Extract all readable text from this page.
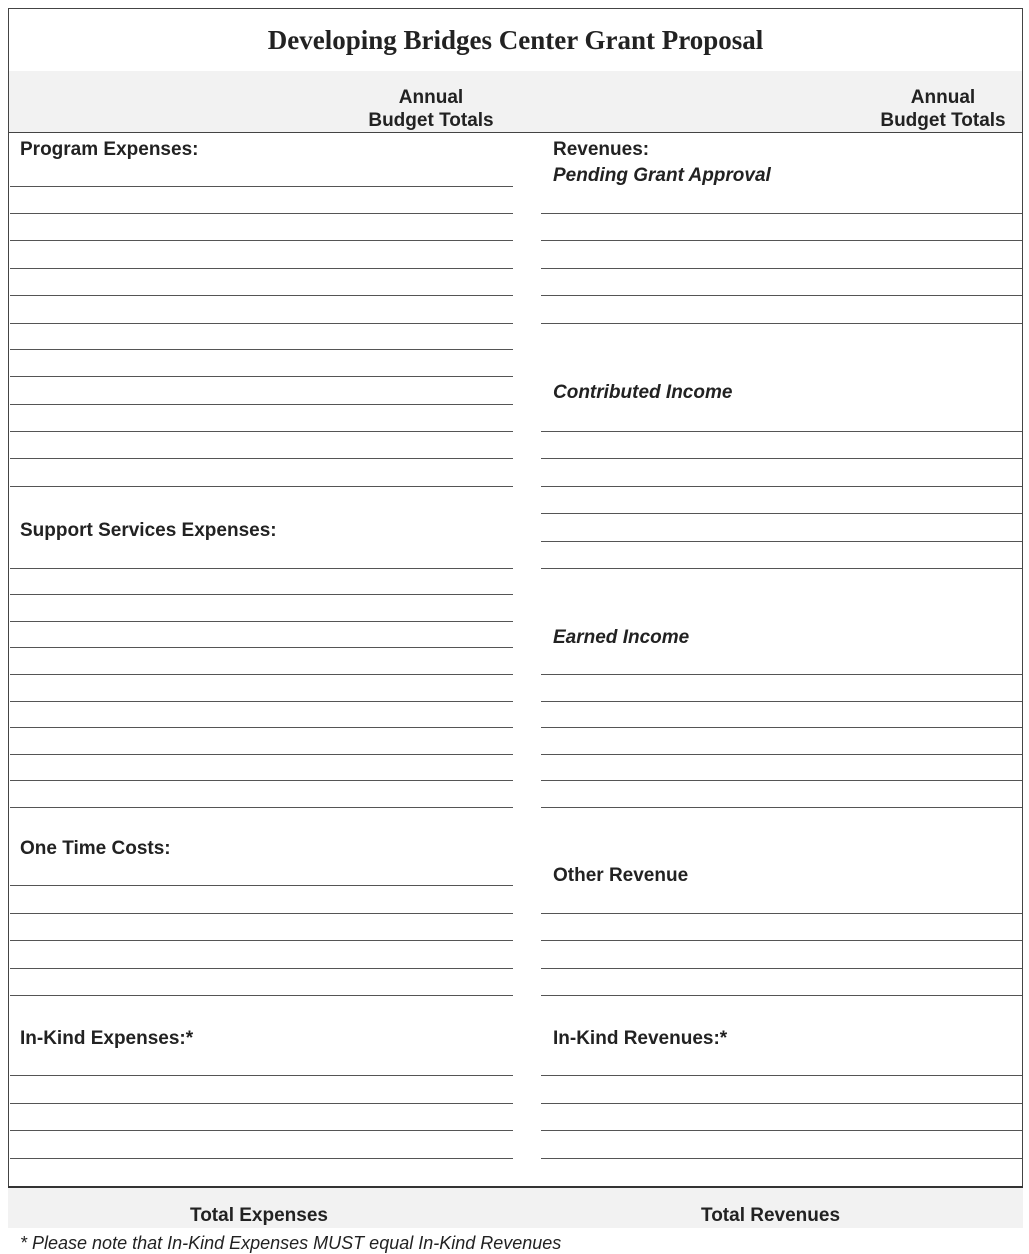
Developing Bridges Center Grant Proposal
Annual
Budget Totals
Annual
Budget Totals
Program Expenses:
Support Services Expenses:
One Time Costs:
In-Kind Expenses:*
Revenues:
Pending Grant Approval
Contributed Income
Earned Income
Other Revenue
In-Kind Revenues:*
Total Expenses	Total Revenues
* Please note that In-Kind Expenses MUST equal In-Kind Revenues
